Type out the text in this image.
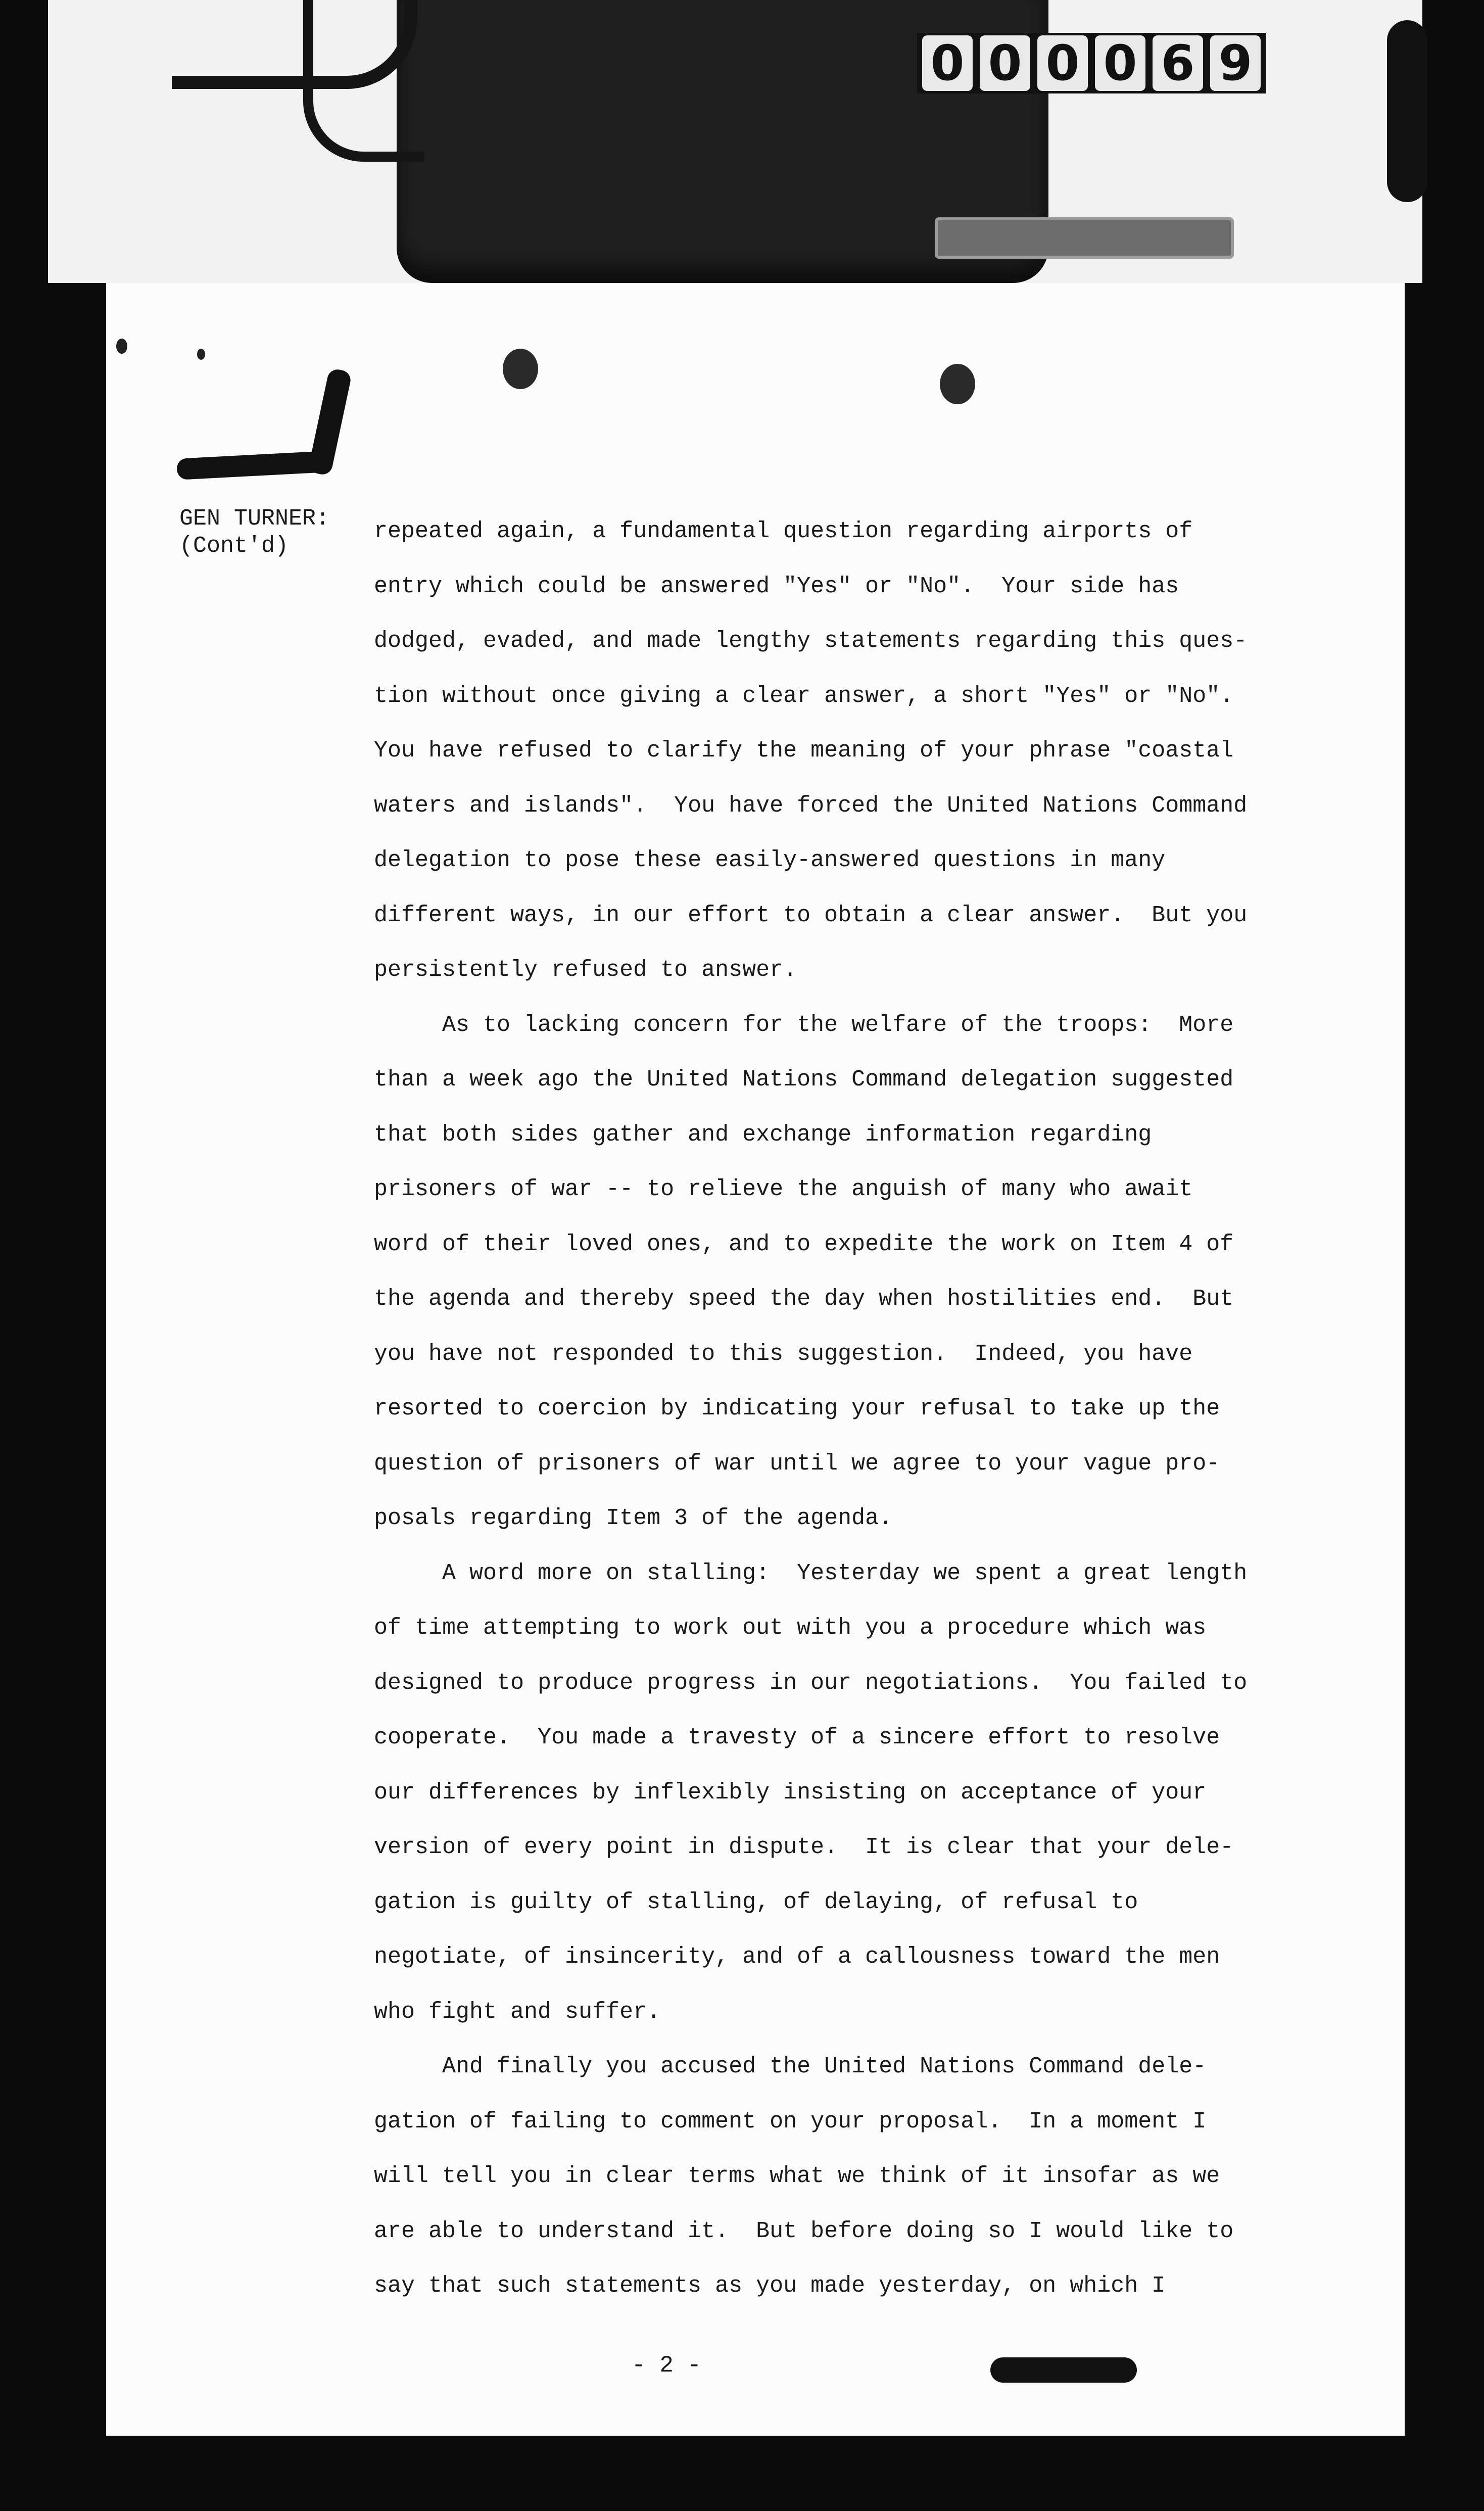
0 0 0 0 6 9
GEN TURNER:
(Cont'd)
repeated again, a fundamental question regarding airports of
entry which could be answered "Yes" or "No".  Your side has
dodged, evaded, and made lengthy statements regarding this ques-
tion without once giving a clear answer, a short "Yes" or "No".
You have refused to clarify the meaning of your phrase "coastal
waters and islands".  You have forced the United Nations Command
delegation to pose these easily-answered questions in many
different ways, in our effort to obtain a clear answer.  But you
persistently refused to answer.
As to lacking concern for the welfare of the troops:  More
than a week ago the United Nations Command delegation suggested
that both sides gather and exchange information regarding
prisoners of war -- to relieve the anguish of many who await
word of their loved ones, and to expedite the work on Item 4 of
the agenda and thereby speed the day when hostilities end.  But
you have not responded to this suggestion.  Indeed, you have
resorted to coercion by indicating your refusal to take up the
question of prisoners of war until we agree to your vague pro-
posals regarding Item 3 of the agenda.
A word more on stalling:  Yesterday we spent a great length
of time attempting to work out with you a procedure which was
designed to produce progress in our negotiations.  You failed to
cooperate.  You made a travesty of a sincere effort to resolve
our differences by inflexibly insisting on acceptance of your
version of every point in dispute.  It is clear that your dele-
gation is guilty of stalling, of delaying, of refusal to
negotiate, of insincerity, and of a callousness toward the men
who fight and suffer.
And finally you accused the United Nations Command dele-
gation of failing to comment on your proposal.  In a moment I
will tell you in clear terms what we think of it insofar as we
are able to understand it.  But before doing so I would like to
say that such statements as you made yesterday, on which I
- 2 -
